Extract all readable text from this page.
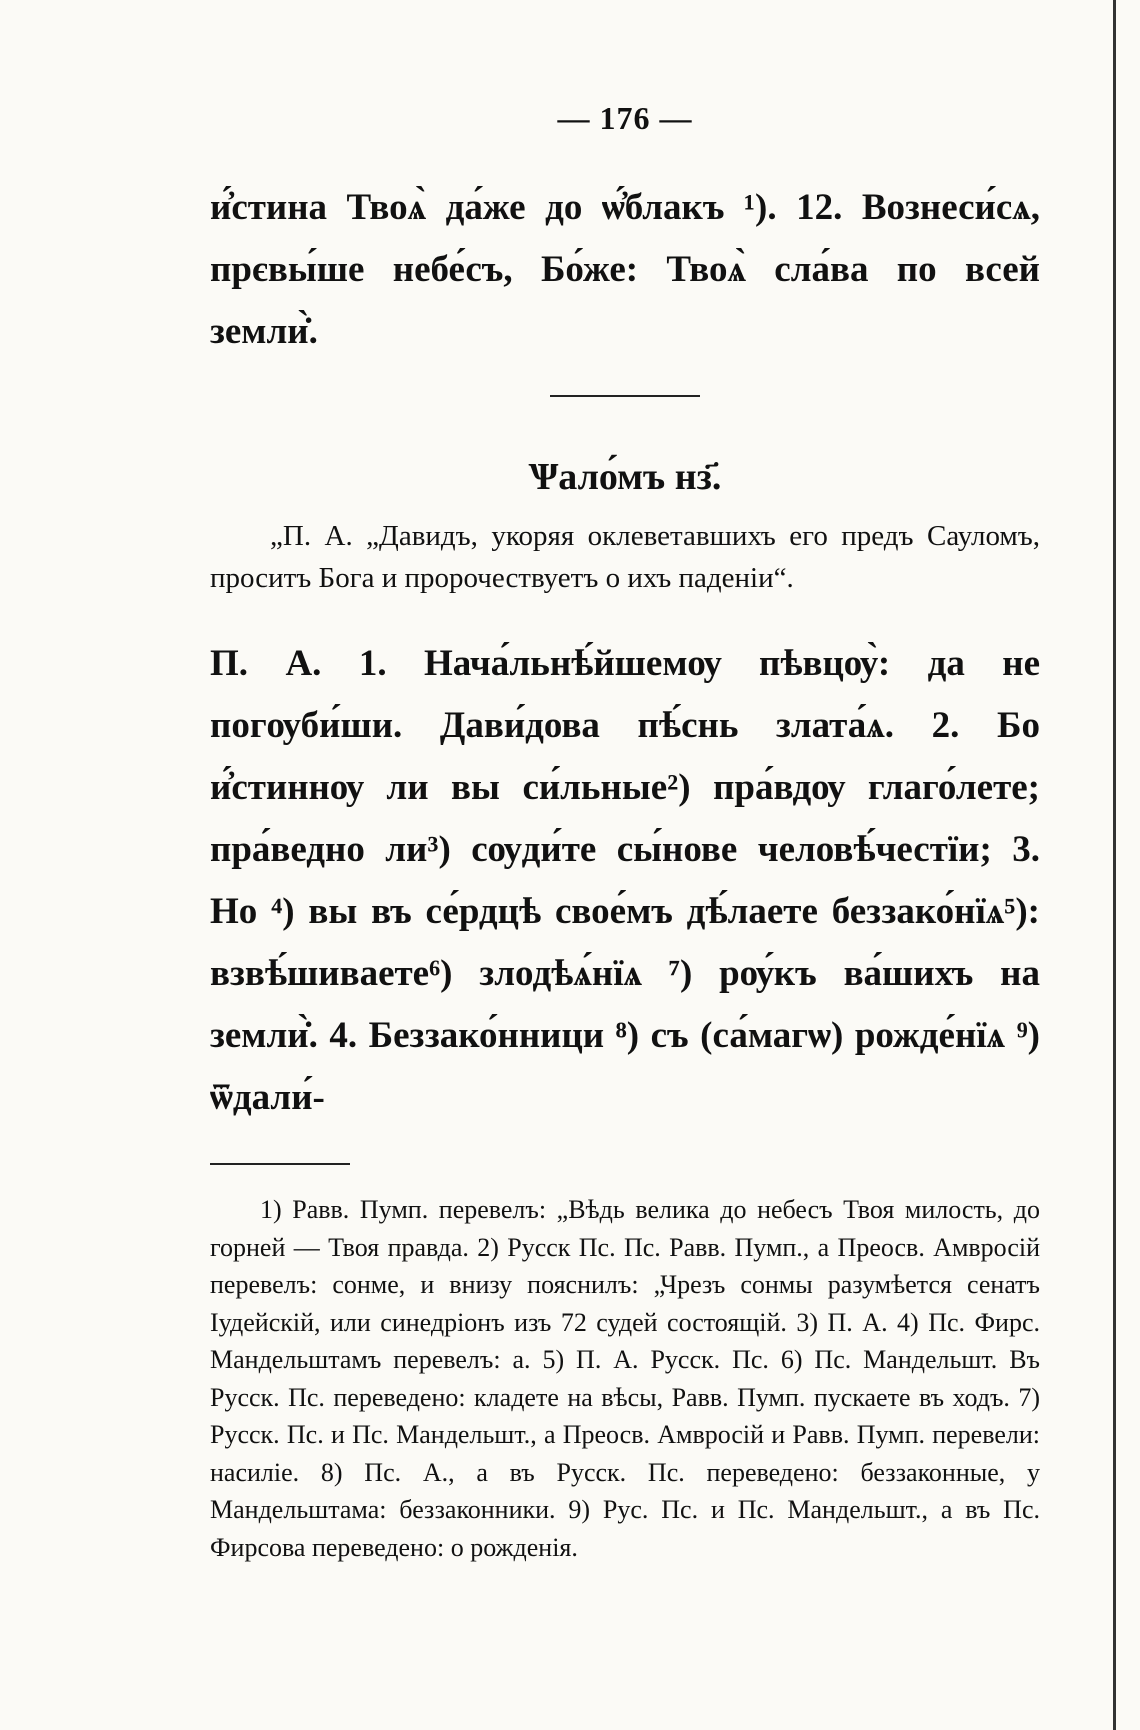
— 176 —

и҆́стина Твоѧ̀ да́же до ѡ҆́блакъ ¹). 12. Вознеси́сѧ, прєвы́ше небе́съ, Бо́же: Твоѧ̀ сла́ва по всей земли̇̀.

Ѱало́мъ нз҃.

„П. А. „Давидъ, укоряя оклеветавшихъ его предъ Сауломъ, проситъ Бога и пророчествуетъ о ихъ паденіи“.

П. А. 1. Нача́льнѣ́йшемѹ пѣвцѹ̀: да не погѹби́ши. Дави́дова пѣ́снь злата́ѧ. 2. Бо и҆́стиннѹ ли вы си́льные²) пра́вдѹ глаго́лете; пра́ведно ли³) сѹди́те сы́нове человѣ́честїи; 3. Но ⁴) вы въ се́рдцѣ свое́мъ дѣ́лаете беззако́нїѧ⁵): взвѣ́шиваете⁶) злодѣѧ́нїѧ ⁷) рѹ́къ ва́шихъ на земли̇̀. 4. Беззако́нници ⁸) съ (са́магѡ) рожде́нїѧ ⁹) ѿдали́-

1) Равв. Пумп. перевелъ: „Вѣдь велика до небесъ Твоя милость, до горней — Твоя правда. 2) Русск Пс. Пс. Равв. Пумп., а Преосв. Амвросій перевелъ: сонме, и внизу пояснилъ: „Чрезъ сонмы разумѣется сенатъ Іудейскій, или синедріонъ изъ 72 судей состоящій. 3) П. А. 4) Пс. Фирс. Мандельштамъ перевелъ: а. 5) П. А. Русск. Пс. 6) Пс. Мандельшт. Въ Русск. Пс. переведено: кладете на вѣсы, Равв. Пумп. пускаете въ ходъ. 7) Русск. Пс. и Пс. Мандельшт., а Преосв. Амвросій и Равв. Пумп. перевели: насиліе. 8) Пс. А., а въ Русск. Пс. переведено: беззаконные, у Мандельштама: беззаконники. 9) Рус. Пс. и Пс. Мандельшт., а въ Пс. Фирсова переведено: о рожденія.
